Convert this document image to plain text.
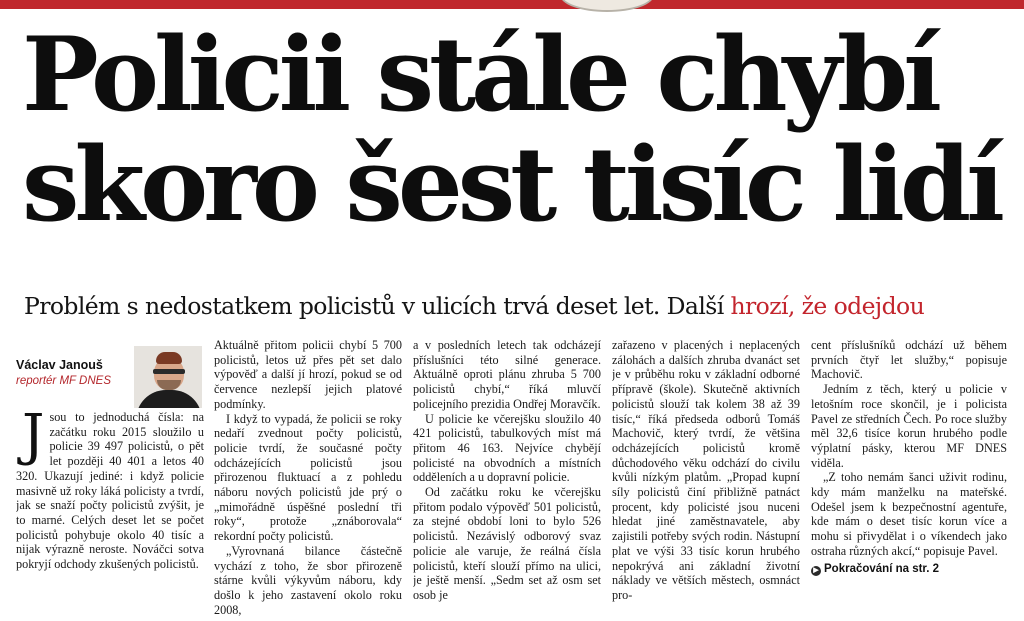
Policii stále chybí
skoro šest tisíc lidí
Problém s nedostatkem policistů v ulicích trvá deset let. Další hrozí, že odejdou
Václav Janouš
reportér MF DNES

Jsou to jednoduchá čísla: na začátku roku 2015 sloužilo u policie 39 497 policistů, o pět let později 40 401 a letos 40 320. Ukazují jediné: i když policie masivně už roky láká policisty a tvrdí, jak se snaží počty policistů zvýšit, je to marné. Celých deset let se počet policistů pohybuje okolo 40 tisíc a nijak výrazně neroste. Nováčci sotva pokryjí odchody zkušených policistů.

Aktuálně přitom policii chybí 5 700 policistů, letos už přes pět set dalo výpověď a další jí hrozí, pokud se od července nezlepší jejich platové podmínky.

I když to vypadá, že policii se roky nedaří zvednout počty policistů, policie tvrdí, že současné počty odcházejících policistů jsou přirozenou fluktuací a z pohledu náboru nových policistů jde prý o „mimořádně úspěšné poslední tři roky“, protože „znáborovala“ rekordní počty policistů.

„Vyrovnaná bilance částečně vychází z toho, že sbor přirozeně stárne kvůli výkyvům náboru, kdy došlo k jeho zastavení okolo roku 2008,

a v posledních letech tak odcházejí příslušníci této silné generace. Aktuálně oproti plánu zhruba 5 700 policistů chybí,“ říká mluvčí policejního prezidia Ondřej Moravčík.

U policie ke včerejšku sloužilo 40 421 policistů, tabulkových míst má přitom 46 163. Nejvíce chybějí policisté na obvodních a místních odděleních a u dopravní policie.

Od začátku roku ke včerejšku přitom podalo výpověď 501 policistů, za stejné období loni to bylo 526 policistů. Nezávislý odborový svaz policie ale varuje, že reálná čísla policistů, kteří slouží přímo na ulici, je ještě menší. „Sedm set až osm set osob je

zařazeno v placených i neplacených zálohách a dalších zhruba dvanáct set je v průběhu roku v základní odborné přípravě (škole). Skutečně aktivních policistů slouží tak kolem 38 až 39 tisíc,“ říká předseda odborů Tomáš Machovič, který tvrdí, že většina odcházejících policistů kromě důchodového věku odchází do civilu kvůli nízkým platům. „Propad kupní síly policistů činí přibližně patnáct procent, kdy policisté jsou nuceni hledat jiné zaměstnavatele, aby zajistili potřeby svých rodin. Nástupní plat ve výši 33 tisíc korun hrubého nepokrývá ani základní životní náklady ve větších městech, osmnáct pro-

cent příslušníků odchází už během prvních čtyř let služby,“ popisuje Machovič.

Jedním z těch, který u policie v letošním roce skončil, je i policista Pavel ze středních Čech. Po roce služby měl 32,6 tisíce korun hrubého podle výplatní pásky, kterou MF DNES viděla.

„Z toho nemám šanci uživit rodinu, kdy mám manželku na mateřské. Odešel jsem k bezpečnostní agentuře, kde mám o deset tisíc korun více a mohu si přivydělat i o víkendech jako ostraha různých akcí,“ popisuje Pavel.

▶ Pokračování na str. 2
